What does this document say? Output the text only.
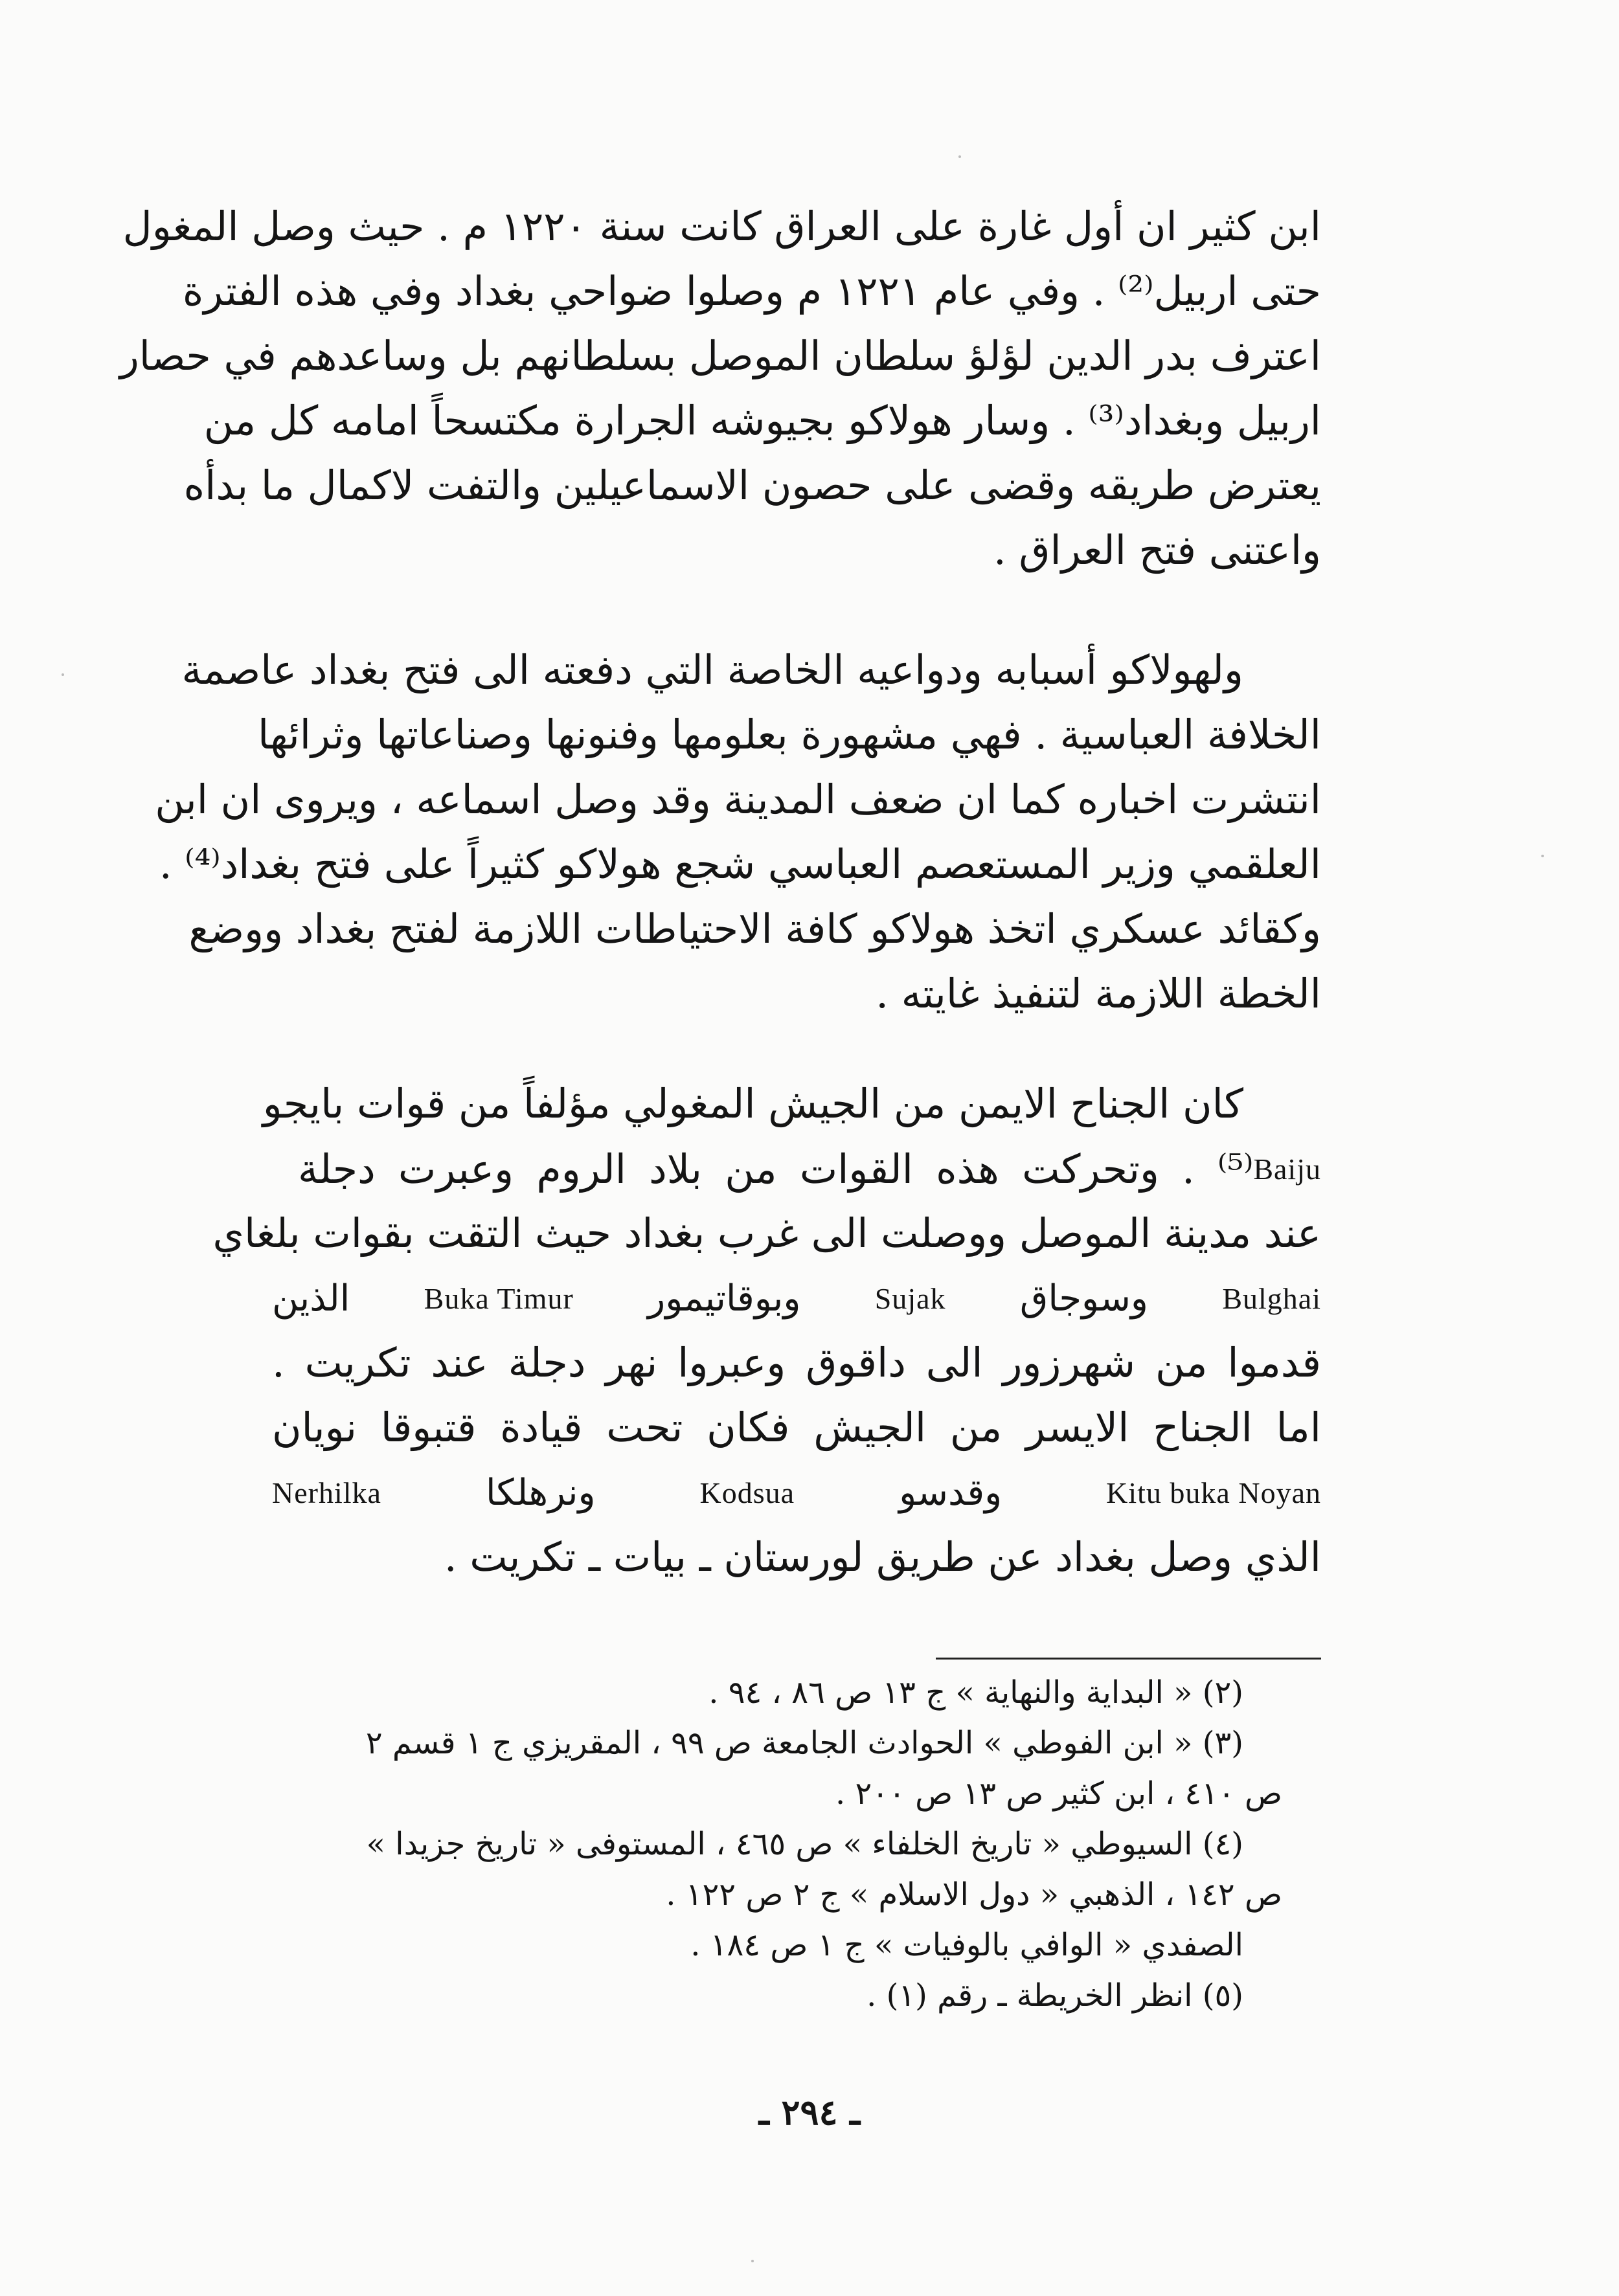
ابن كثير ان أول غارة على العراق كانت سنة ١٢٢٠ م . حيث وصل المغول
حتى اربيل⁽²⁾ . وفي عام ١٢٢١ م وصلوا ضواحي بغداد وفي هذه الفترة
اعترف بدر الدين لؤلؤ سلطان الموصل بسلطانهم بل وساعدهم في حصار
اربيل وبغداد⁽³⁾ . وسار هولاكو بجيوشه الجرارة مكتسحاً امامه كل من
يعترض طريقه وقضى على حصون الاسماعيلين والتفت لاكمال ما بدأه
واعتنى فتح العراق .
ولهولاكو أسبابه ودواعيه الخاصة التي دفعته الى فتح بغداد عاصمة
الخلافة العباسية . فهي مشهورة بعلومها وفنونها وصناعاتها وثرائها
انتشرت اخباره كما ان ضعف المدينة وقد وصل اسماعه ، ويروى ان ابن
العلقمي وزير المستعصم العباسي شجع هولاكو كثيراً على فتح بغداد⁽⁴⁾ .
وكقائد عسكري اتخذ هولاكو كافة الاحتياطات اللازمة لفتح بغداد ووضع
الخطة اللازمة لتنفيذ غايته .
كان الجناح الايمن من الجيش المغولي مؤلفاً من قوات بايجو
Baiju
⁽⁵⁾ . وتحركت هذه القوات من بلاد الروم وعبرت دجلة
عند مدينة الموصل ووصلت الى غرب بغداد حيث التقت بقوات بلغاي
Bulghai
وسوجاق
Sujak
وبوقاتيمور
Buka Timur
الذين
قدموا من شهرزور الى داقوق وعبروا نهر دجلة عند تكريت .
اما الجناح الايسر من الجيش فكان تحت قيادة قتبوقا نويان
Kitu buka Noyan
وقدسو
Kodsua
ونرهلكا
Nerhilka
الذي وصل بغداد عن طريق لورستان ـ بيات ـ تكريت .
(٢) « البداية والنهاية » ج ١٣ ص ٨٦ ، ٩٤ .
(٣) « ابن الفوطي » الحوادث الجامعة ص ٩٩ ، المقريزي ج ١ قسم ٢
ص ٤١٠ ، ابن كثير ص ١٣ ص ٢٠٠ .
(٤) السيوطي « تاريخ الخلفاء » ص ٤٦٥ ، المستوفى « تاريخ جزيدا »
ص ١٤٢ ، الذهبي « دول الاسلام » ج ٢ ص ١٢٢ .
الصفدي « الوافي بالوفيات » ج ١ ص ١٨٤ .
(٥) انظر الخريطة ـ رقم (١) .
ـ ٢٩٤ ـ
